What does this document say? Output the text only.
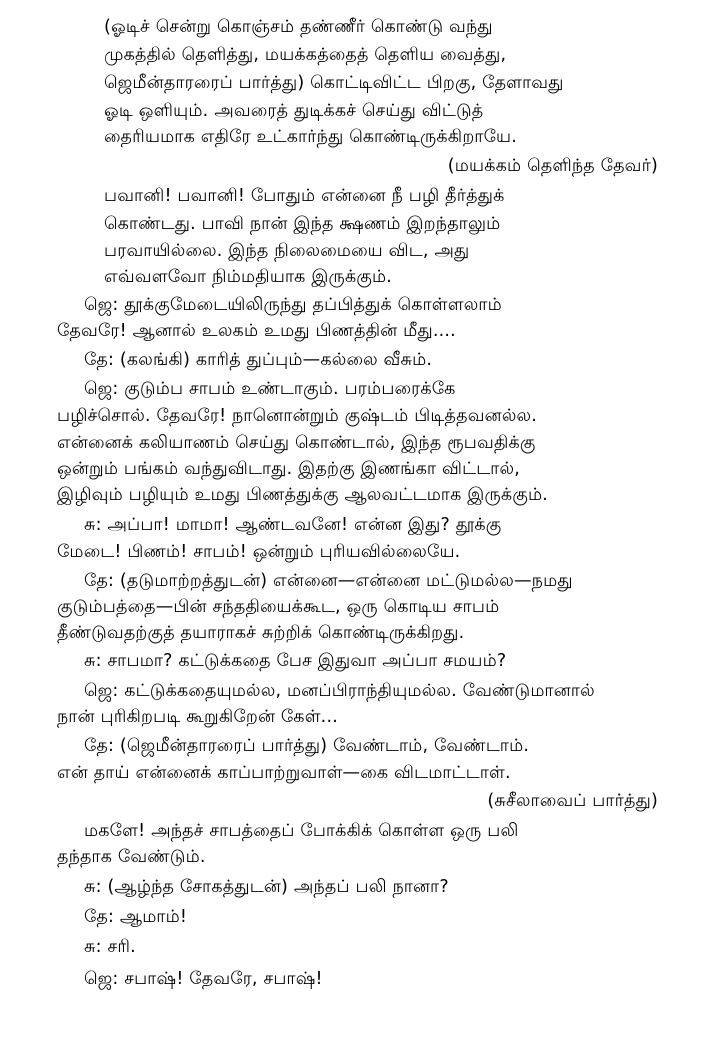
(ஓடிச் சென்று கொஞ்சம் தண்ணீர் கொண்டு வந்து
முகத்தில் தெளித்து, மயக்கத்தைத் தெளிய வைத்து,
ஜெமீன்தாரரைப் பார்த்து) கொட்டிவிட்ட பிறகு, தேளாவது
ஓடி ஒளியும். அவரைத் துடிக்கச் செய்து விட்டுத்
தைரியமாக எதிரே உட்கார்ந்து கொண்டிருக்கிறாயே.
(மயக்கம் தெளிந்த தேவர்)
பவானி! பவானி! போதும் என்னை நீ பழி தீர்த்துக்
கொண்டது. பாவி நான் இந்த க்ஷணம் இறந்தாலும்
பரவாயில்லை. இந்த நிலைமையை விட, அது
எவ்வளவோ நிம்மதியாக இருக்கும்.
ஜெ: தூக்குமேடையிலிருந்து தப்பித்துக் கொள்ளலாம்
தேவரே! ஆனால் உலகம் உமது பிணத்தின் மீது....
தே: (கலங்கி) காரித் துப்பும்—கல்லை வீசும்.
ஜெ: குடும்ப சாபம் உண்டாகும். பரம்பரைக்கே
பழிச்சொல். தேவரே! நானொன்றும் குஷ்டம் பிடித்தவனல்ல.
என்னைக் கலியாணம் செய்து கொண்டால், இந்த ரூபவதிக்கு
ஒன்றும் பங்கம் வந்துவிடாது. இதற்கு இணங்கா விட்டால்,
இழிவும் பழியும் உமது பிணத்துக்கு ஆலவட்டமாக இருக்கும்.
சு: அப்பா! மாமா! ஆண்டவனே! என்ன இது? தூக்கு
மேடை! பிணம்! சாபம்! ஒன்றும் புரியவில்லையே.
தே: (தடுமாற்றத்துடன்) என்னை—என்னை மட்டுமல்ல—நமது
குடும்பத்தை—பின் சந்ததியைக்கூட, ஒரு கொடிய சாபம்
தீண்டுவதற்குத் தயாராகச் சுற்றிக் கொண்டிருக்கிறது.
சு: சாபமா? கட்டுக்கதை பேச இதுவா அப்பா சமயம்?
ஜெ: கட்டுக்கதையுமல்ல, மனப்பிராந்தியுமல்ல. வேண்டுமானால்
நான் புரிகிறபடி கூறுகிறேன் கேள்...
தே: (ஜெமீன்தாரரைப் பார்த்து) வேண்டாம், வேண்டாம்.
என் தாய் என்னைக் காப்பாற்றுவாள்—கை விடமாட்டாள்.
(சுசீலாவைப் பார்த்து)
மகளே! அந்தச் சாபத்தைப் போக்கிக் கொள்ள ஒரு பலி
தந்தாக வேண்டும்.
சு: (ஆழ்ந்த சோகத்துடன்) அந்தப் பலி நானா?
தே: ஆமாம்!
சு: சரி.
ஜெ: சபாஷ்! தேவரே, சபாஷ்!
